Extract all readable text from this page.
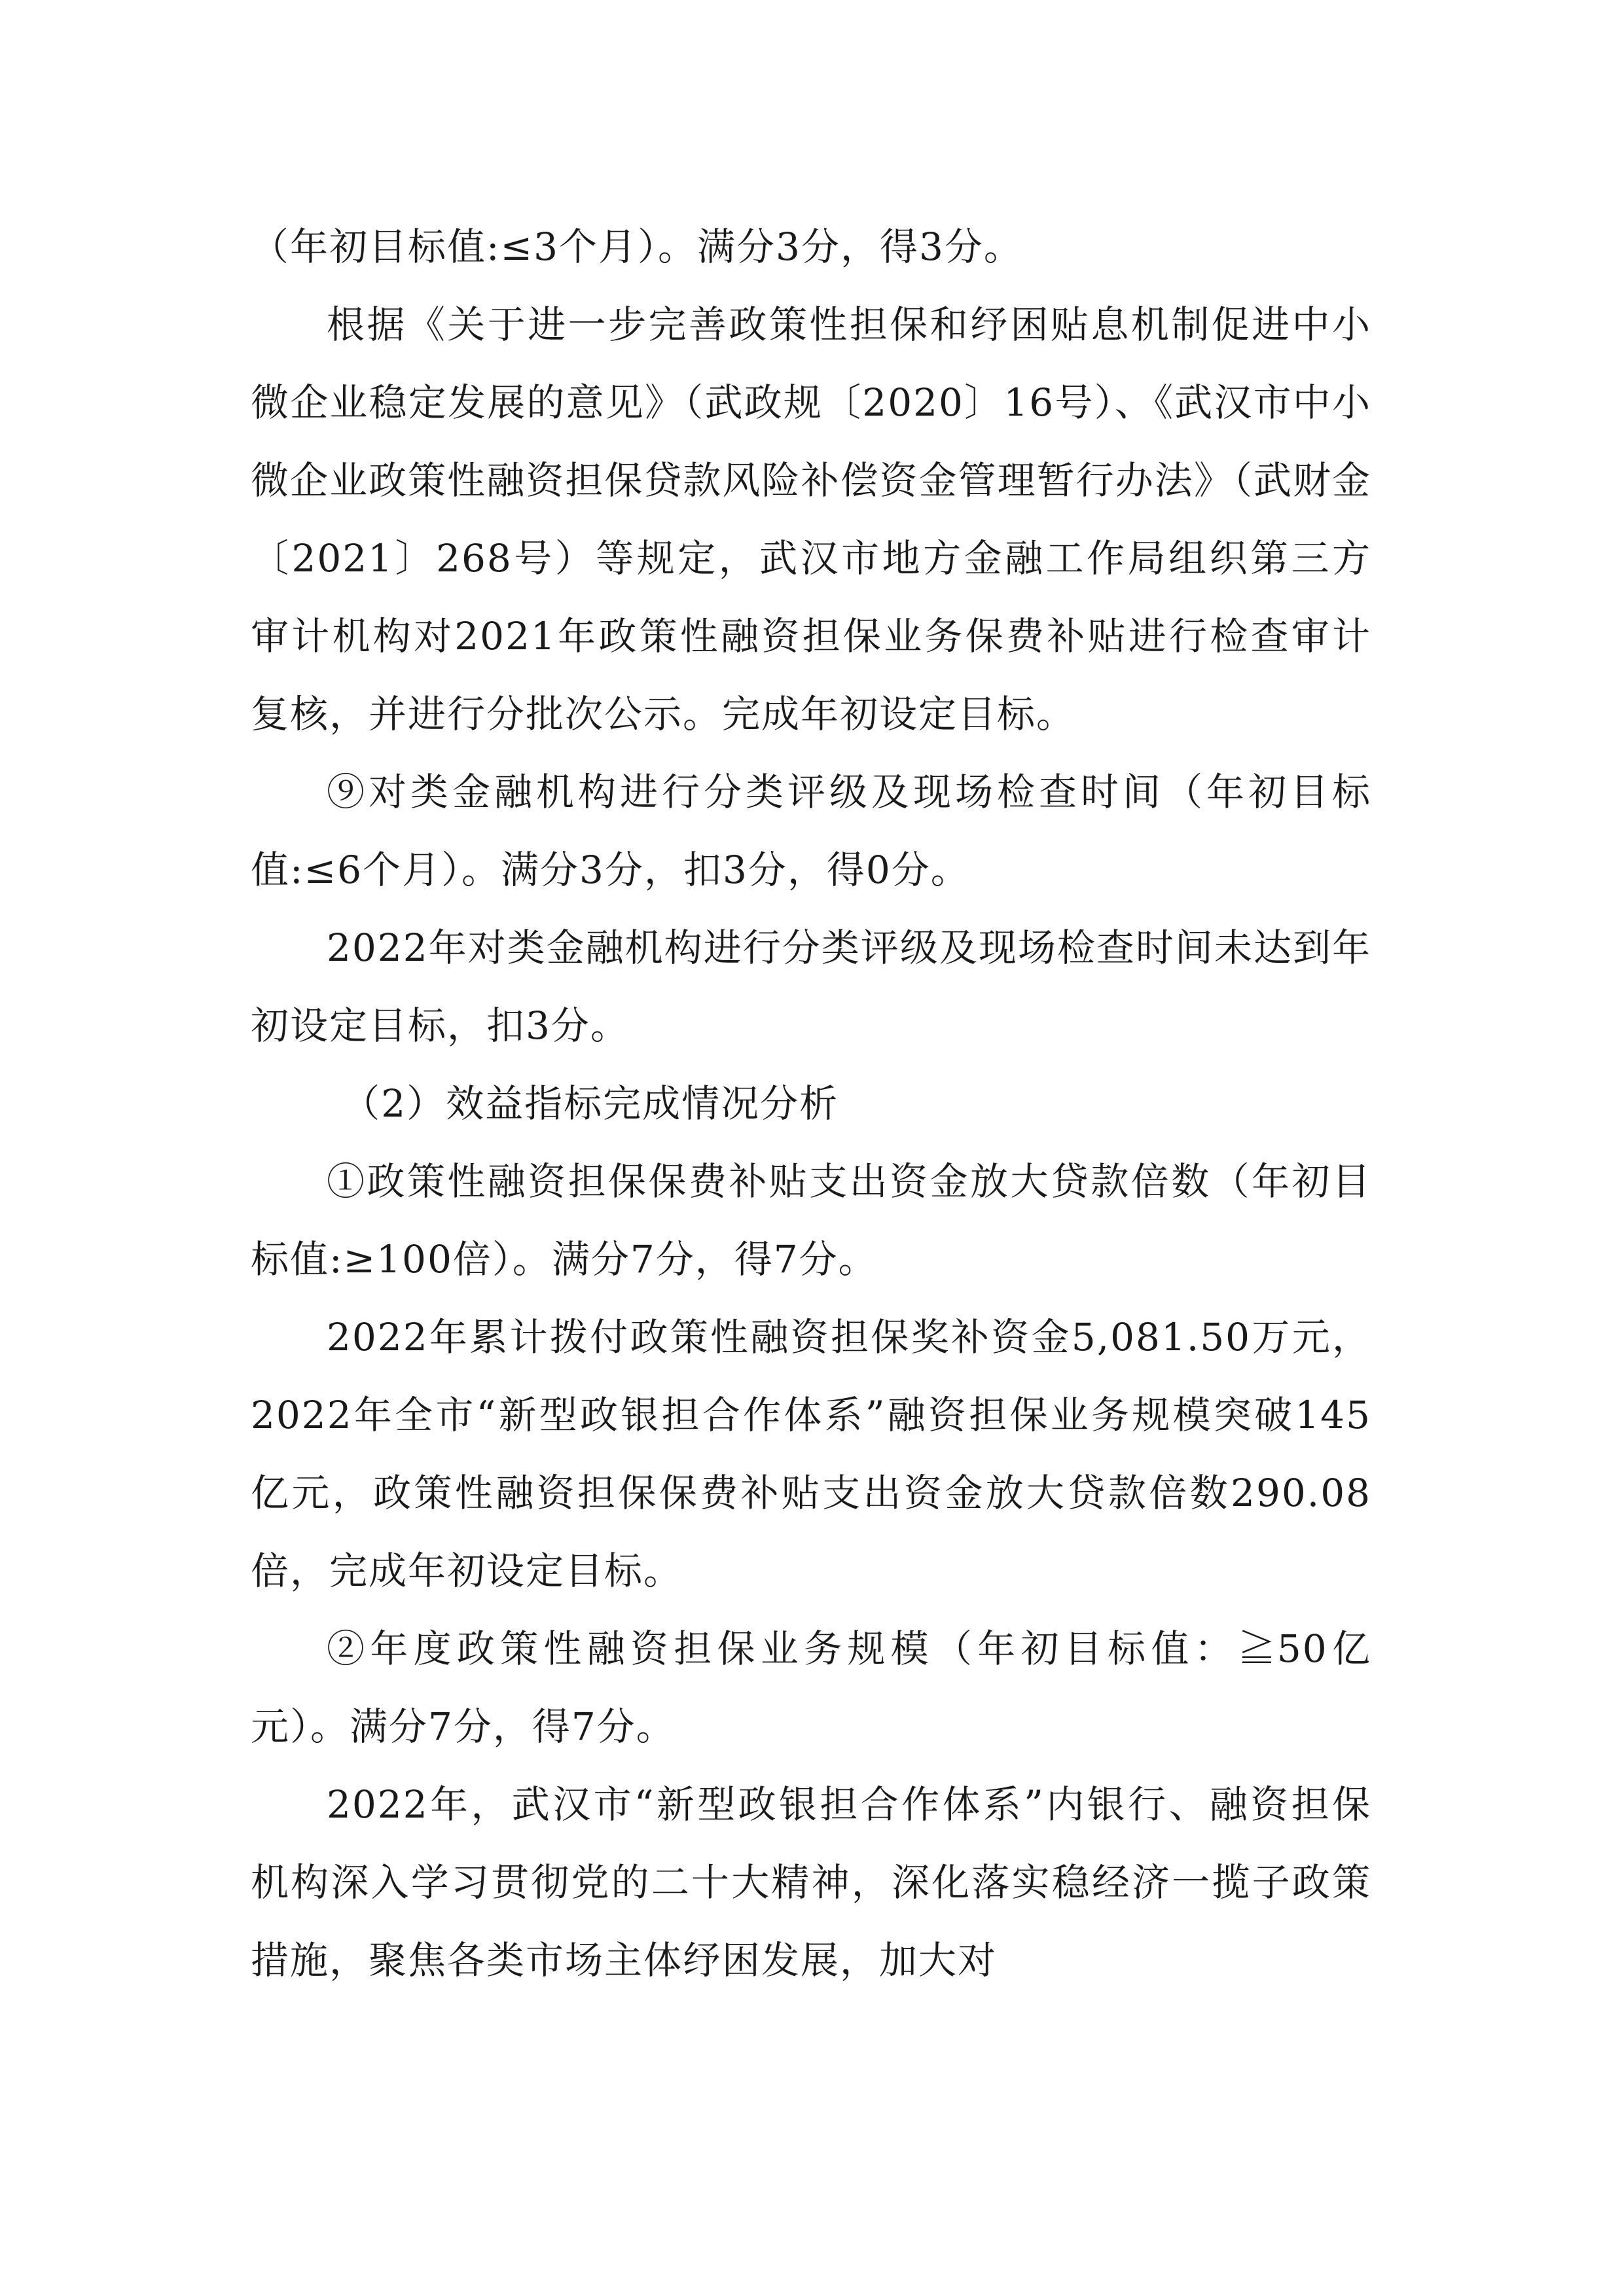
（年初目标值:≤3个月）。满分3分，得3分。

根据《关于进一步完善政策性担保和纾困贴息机制促进中小微企业稳定发展的意见》（武政规〔2020〕16号）、《武汉市中小微企业政策性融资担保贷款风险补偿资金管理暂行办法》（武财金〔2021〕268号）等规定，武汉市地方金融工作局组织第三方审计机构对2021年政策性融资担保业务保费补贴进行检查审计复核，并进行分批次公示。完成年初设定目标。

⑨对类金融机构进行分类评级及现场检查时间（年初目标值:≤6个月）。满分3分，扣3分，得0分。

2022年对类金融机构进行分类评级及现场检查时间未达到年初设定目标，扣3分。

（2）效益指标完成情况分析

①政策性融资担保保费补贴支出资金放大贷款倍数（年初目标值:≥100倍）。满分7分，得7分。

2022年累计拨付政策性融资担保奖补资金5,081.50万元，2022年全市“新型政银担合作体系”融资担保业务规模突破145亿元，政策性融资担保保费补贴支出资金放大贷款倍数290.08倍，完成年初设定目标。

②年度政策性融资担保业务规模（年初目标值：≧50亿元）。满分7分，得7分。

2022年，武汉市“新型政银担合作体系”内银行、融资担保机构深入学习贯彻党的二十大精神，深化落实稳经济一揽子政策措施，聚焦各类市场主体纾困发展，加大对
